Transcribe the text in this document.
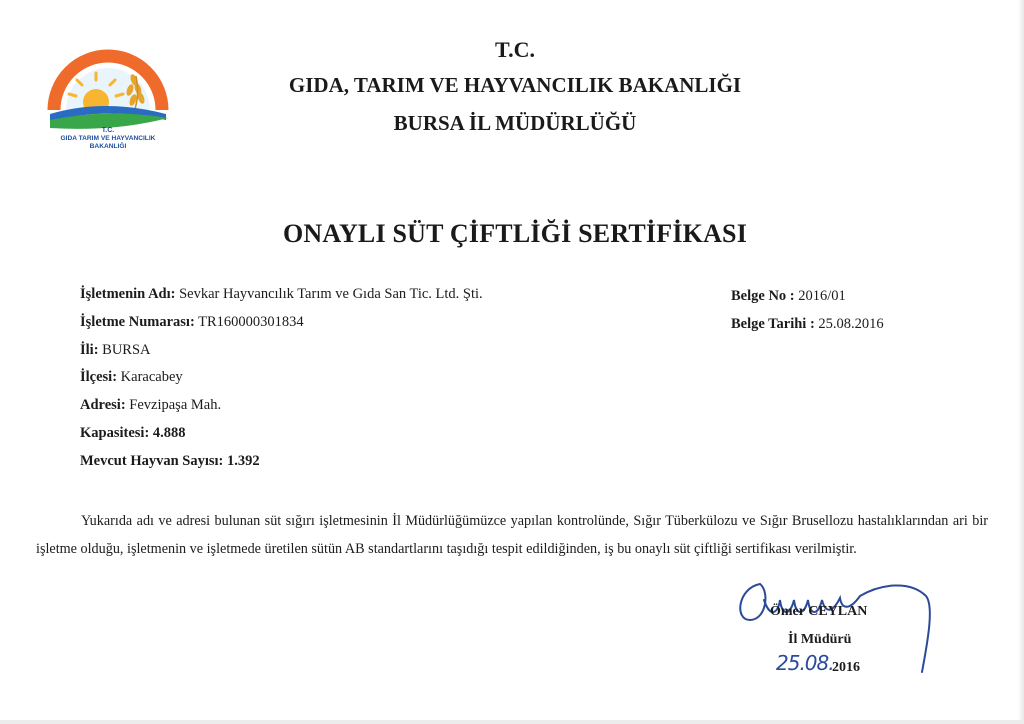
T.C.
GIDA TARIM VE HAYVANCILIK
BAKANLIĞI
T.C.
GIDA, TARIM VE HAYVANCILIK BAKANLIĞI
BURSA İL MÜDÜRLÜĞÜ
ONAYLI SÜT ÇİFTLİĞİ SERTİFİKASI
İşletmenin Adı: Sevkar Hayvancılık Tarım ve Gıda San Tic. Ltd. Şti.
İşletme Numarası: TR160000301834
İli: BURSA
İlçesi: Karacabey
Adresi: Fevzipaşa Mah.
Kapasitesi: 4.888
Mevcut Hayvan Sayısı: 1.392
Belge No : 2016/01
Belge Tarihi : 25.08.2016
Yukarıda adı ve adresi bulunan süt sığırı işletmesinin İl Müdürlüğümüzce yapılan kontrolünde, Sığır Tüberkülozu ve Sığır Brusellozu hastalıklarından ari bir işletme olduğu, işletmenin ve işletmede üretilen sütün AB standartlarını taşıdığı tespit edildiğinden, iş bu onaylı süt çiftliği sertifikası verilmiştir.
Ömer CEYLAN
İl Müdürü
25.08.
2016
